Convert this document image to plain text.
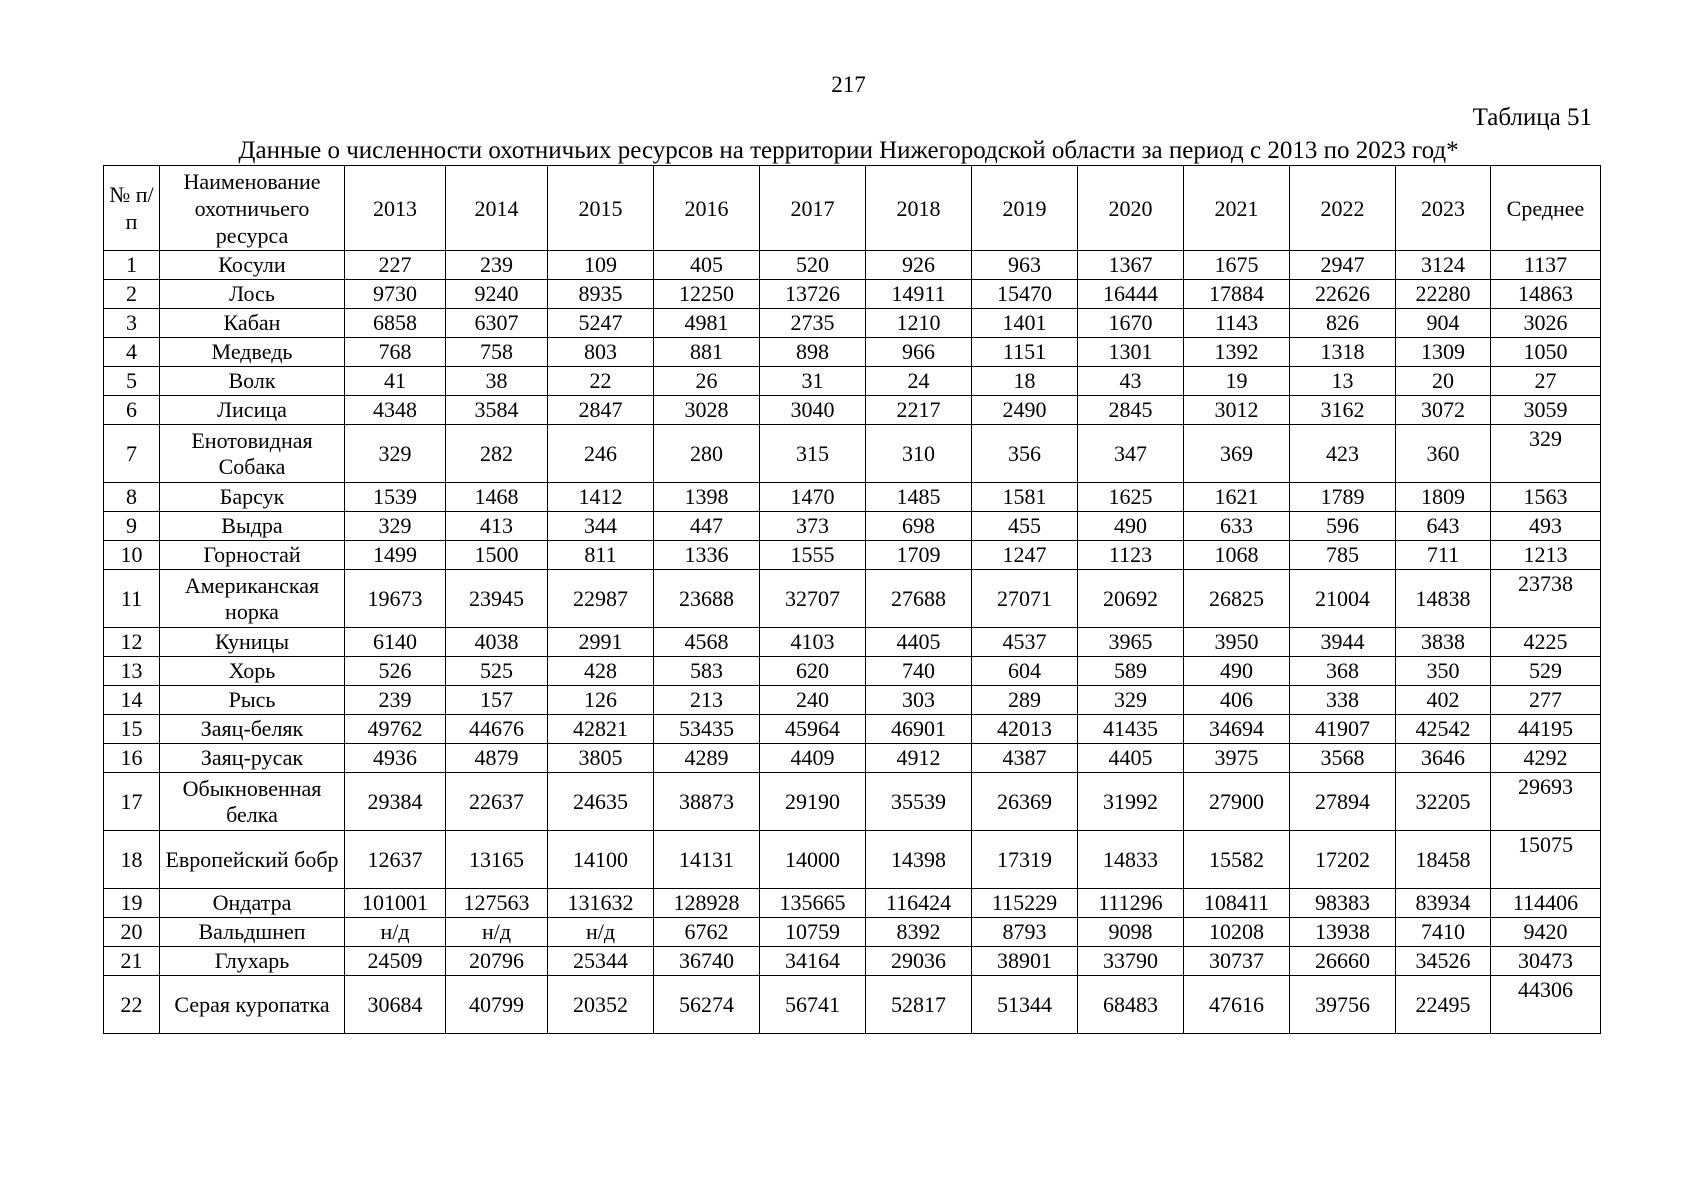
217
Таблица 51
Данные о численности охотничьих ресурсов на территории Нижегородской области за период с 2013 по 2023 год*
№ п/п	Наименование охотничьего ресурса	2013	2014	2015	2016	2017	2018	2019	2020	2021	2022	2023	Среднее
1	Косули	227	239	109	405	520	926	963	1367	1675	2947	3124	1137
2	Лось	9730	9240	8935	12250	13726	14911	15470	16444	17884	22626	22280	14863
3	Кабан	6858	6307	5247	4981	2735	1210	1401	1670	1143	826	904	3026
4	Медведь	768	758	803	881	898	966	1151	1301	1392	1318	1309	1050
5	Волк	41	38	22	26	31	24	18	43	19	13	20	27
6	Лисица	4348	3584	2847	3028	3040	2217	2490	2845	3012	3162	3072	3059
7	Енотовидная Собака	329	282	246	280	315	310	356	347	369	423	360	329
8	Барсук	1539	1468	1412	1398	1470	1485	1581	1625	1621	1789	1809	1563
9	Выдра	329	413	344	447	373	698	455	490	633	596	643	493
10	Горностай	1499	1500	811	1336	1555	1709	1247	1123	1068	785	711	1213
11	Американская норка	19673	23945	22987	23688	32707	27688	27071	20692	26825	21004	14838	23738
12	Куницы	6140	4038	2991	4568	4103	4405	4537	3965	3950	3944	3838	4225
13	Хорь	526	525	428	583	620	740	604	589	490	368	350	529
14	Рысь	239	157	126	213	240	303	289	329	406	338	402	277
15	Заяц-беляк	49762	44676	42821	53435	45964	46901	42013	41435	34694	41907	42542	44195
16	Заяц-русак	4936	4879	3805	4289	4409	4912	4387	4405	3975	3568	3646	4292
17	Обыкновенная белка	29384	22637	24635	38873	29190	35539	26369	31992	27900	27894	32205	29693
18	Европейский бобр	12637	13165	14100	14131	14000	14398	17319	14833	15582	17202	18458	15075
19	Ондатра	101001	127563	131632	128928	135665	116424	115229	111296	108411	98383	83934	114406
20	Вальдшнеп	н/д	н/д	н/д	6762	10759	8392	8793	9098	10208	13938	7410	9420
21	Глухарь	24509	20796	25344	36740	34164	29036	38901	33790	30737	26660	34526	30473
22	Серая куропатка	30684	40799	20352	56274	56741	52817	51344	68483	47616	39756	22495	44306
